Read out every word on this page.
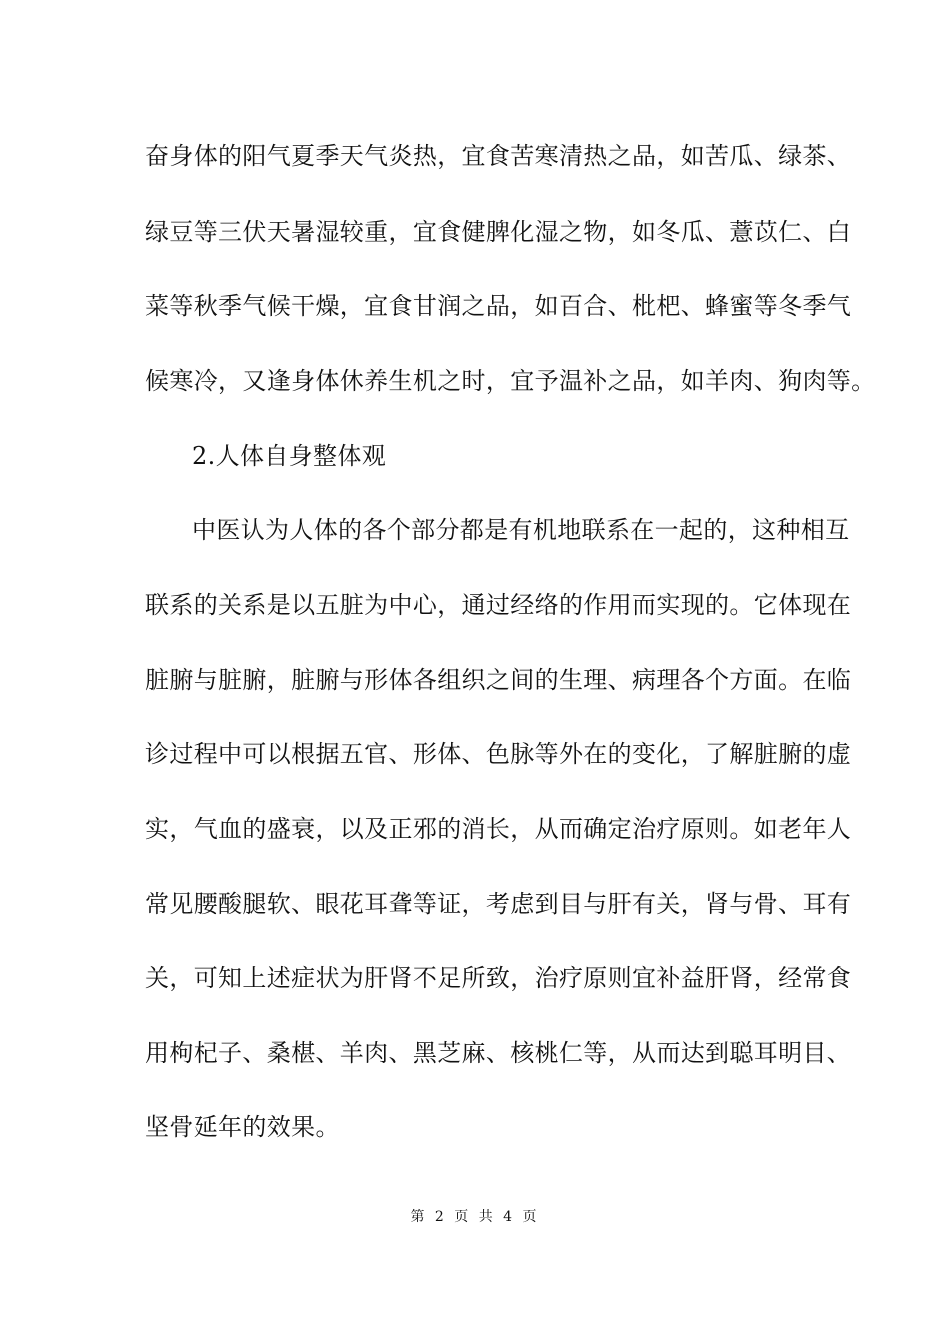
奋身体的阳气夏季天气炎热，宜食苦寒清热之品，如苦瓜、绿茶、
绿豆等三伏天暑湿较重，宜食健脾化湿之物，如冬瓜、薏苡仁、白
菜等秋季气候干燥，宜食甘润之品，如百合、枇杷、蜂蜜等冬季气
候寒冷，又逢身体休养生机之时，宜予温补之品，如羊肉、狗肉等。
2.人体自身整体观
中医认为人体的各个部分都是有机地联系在一起的，这种相互
联系的关系是以五脏为中心，通过经络的作用而实现的。它体现在
脏腑与脏腑，脏腑与形体各组织之间的生理、病理各个方面。在临
诊过程中可以根据五官、形体、色脉等外在的变化，了解脏腑的虚
实，气血的盛衰，以及正邪的消长，从而确定治疗原则。如老年人
常见腰酸腿软、眼花耳聋等证，考虑到目与肝有关，肾与骨、耳有
关，可知上述症状为肝肾不足所致，治疗原则宜补益肝肾，经常食
用枸杞子、桑椹、羊肉、黑芝麻、核桃仁等，从而达到聪耳明目、
坚骨延年的效果。
第 2 页 共 4 页
